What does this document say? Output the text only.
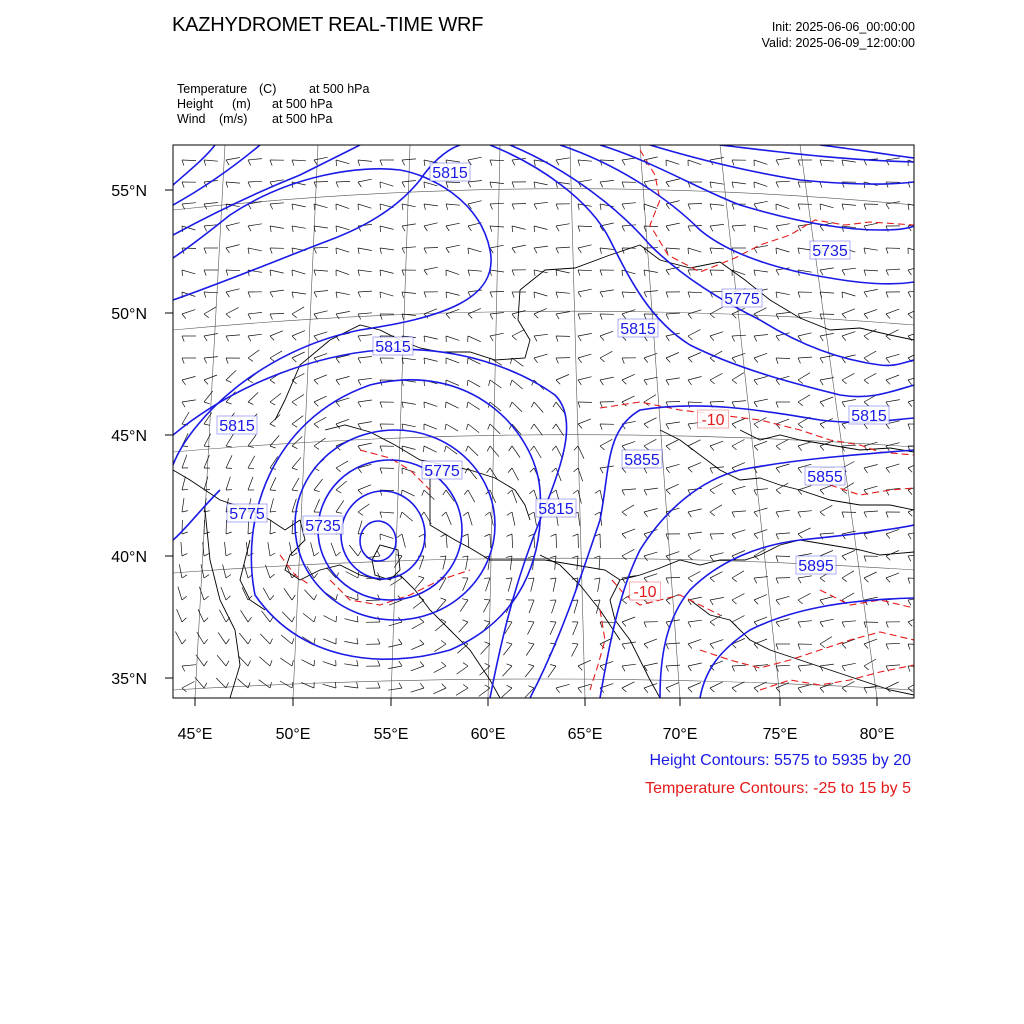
KAZHYDROMET REAL-TIME WRF	Init: 2025-06-06_00:00:00
Valid: 2025-06-09_12:00:00
Temperature (C)	at 500 hPa
Height (m) at 500 hPa
Wind (m/s) at 500 hPa
55°N
50°N
45°N
40°N
35°N
45°E	50°E	55°E	60°E	65°E	70°E	75°E	80°E
5815
5735
5775
5815
5815
5815
5775
5855
5815
5775
5735
5815
5855
5895
-10
-10
Height Contours: 5575 to 5935 by 20
Temperature Contours: -25 to 15 by 5
